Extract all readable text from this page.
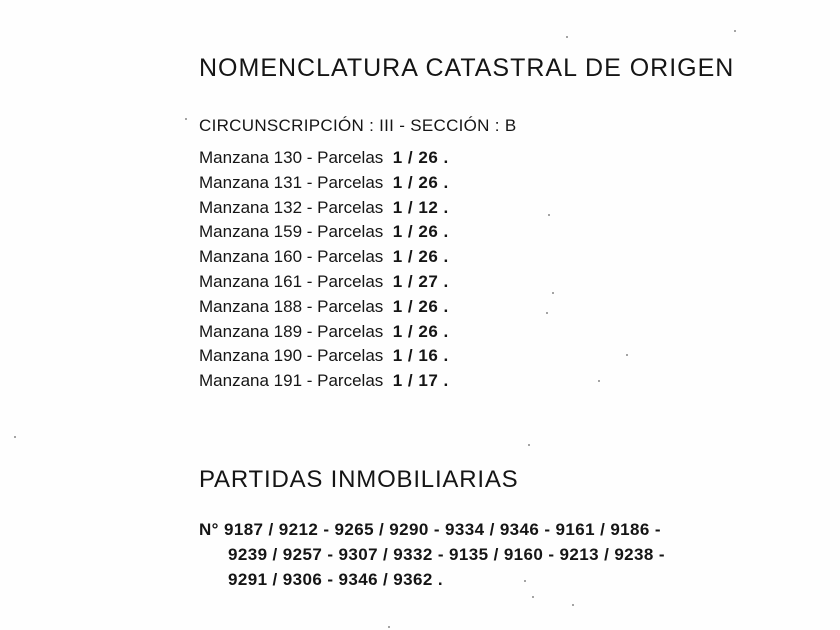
NOMENCLATURA CATASTRAL DE ORIGEN
CIRCUNSCRIPCIÓN : III - SECCIÓN : B
Manzana 130 - Parcelas 1 / 26 .
Manzana 131 - Parcelas 1 / 26 .
Manzana 132 - Parcelas 1 / 12 .
Manzana 159 - Parcelas 1 / 26 .
Manzana 160 - Parcelas 1 / 26 .
Manzana 161 - Parcelas 1 / 27 .
Manzana 188 - Parcelas 1 / 26 .
Manzana 189 - Parcelas 1 / 26 .
Manzana 190 - Parcelas 1 / 16 .
Manzana 191 - Parcelas 1 / 17 .
PARTIDAS INMOBILIARIAS
N° 9187 / 9212 - 9265 / 9290 - 9334 / 9346 - 9161 / 9186 -
9239 / 9257 - 9307 / 9332 - 9135 / 9160 - 9213 / 9238 -
9291 / 9306 - 9346 / 9362 .
